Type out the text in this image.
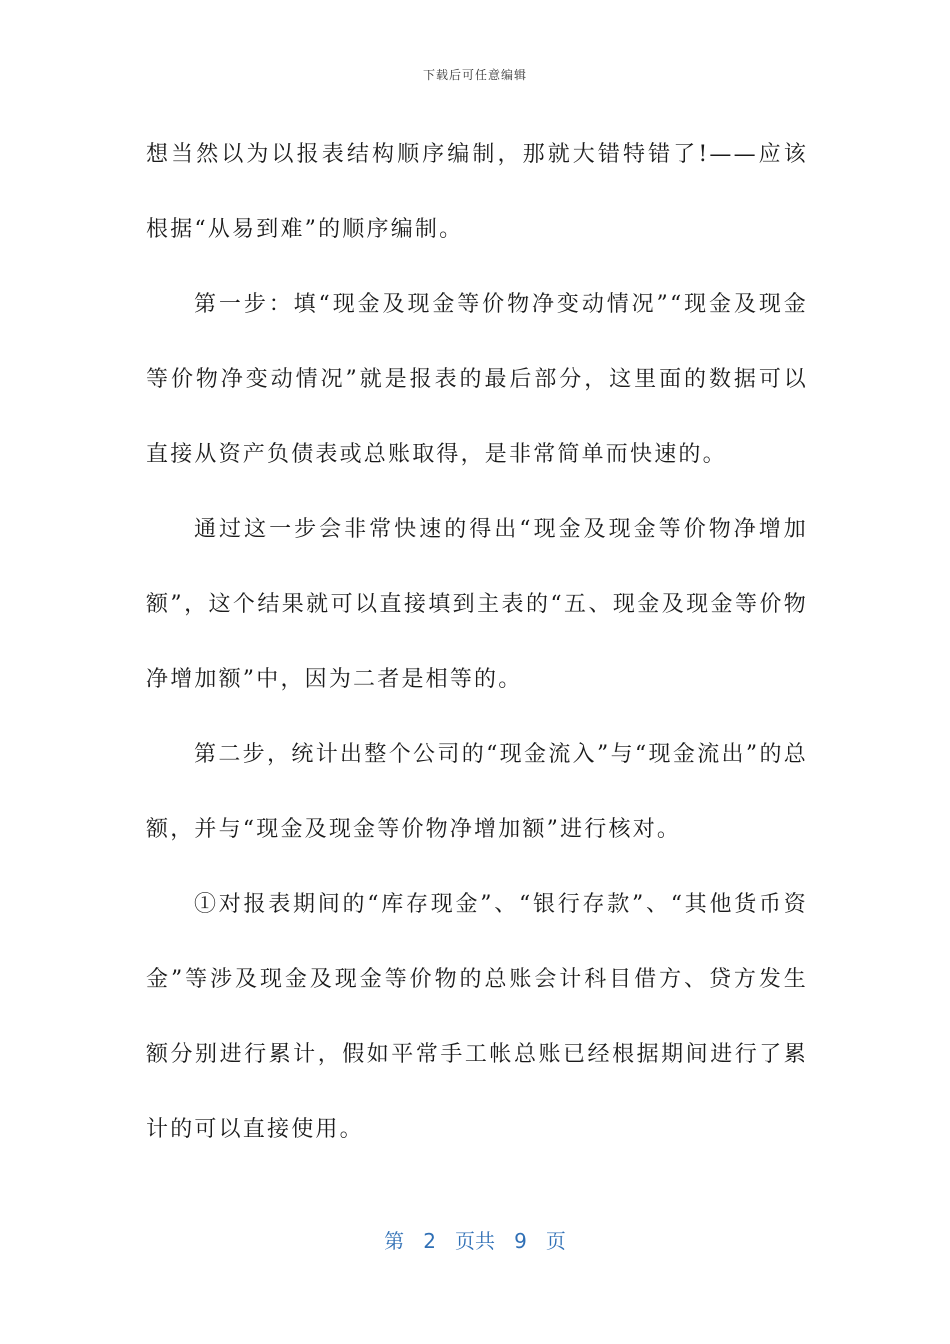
下载后可任意编辑

想当然以为以报表结构顺序编制，那就大错特错了!——应该根据“从易到难”的顺序编制。

第一步：填“现金及现金等价物净变动情况”“现金及现金等价物净变动情况”就是报表的最后部分，这里面的数据可以直接从资产负债表或总账取得，是非常简单而快速的。

通过这一步会非常快速的得出“现金及现金等价物净增加额”，这个结果就可以直接填到主表的“五、现金及现金等价物净增加额”中，因为二者是相等的。

第二步，统计出整个公司的“现金流入”与“现金流出”的总额，并与“现金及现金等价物净增加额”进行核对。

①对报表期间的“库存现金”、“银行存款”、“其他货币资金”等涉及现金及现金等价物的总账会计科目借方、贷方发生额分别进行累计，假如平常手工帐总账已经根据期间进行了累计的可以直接使用。

第 2 页共 9 页
